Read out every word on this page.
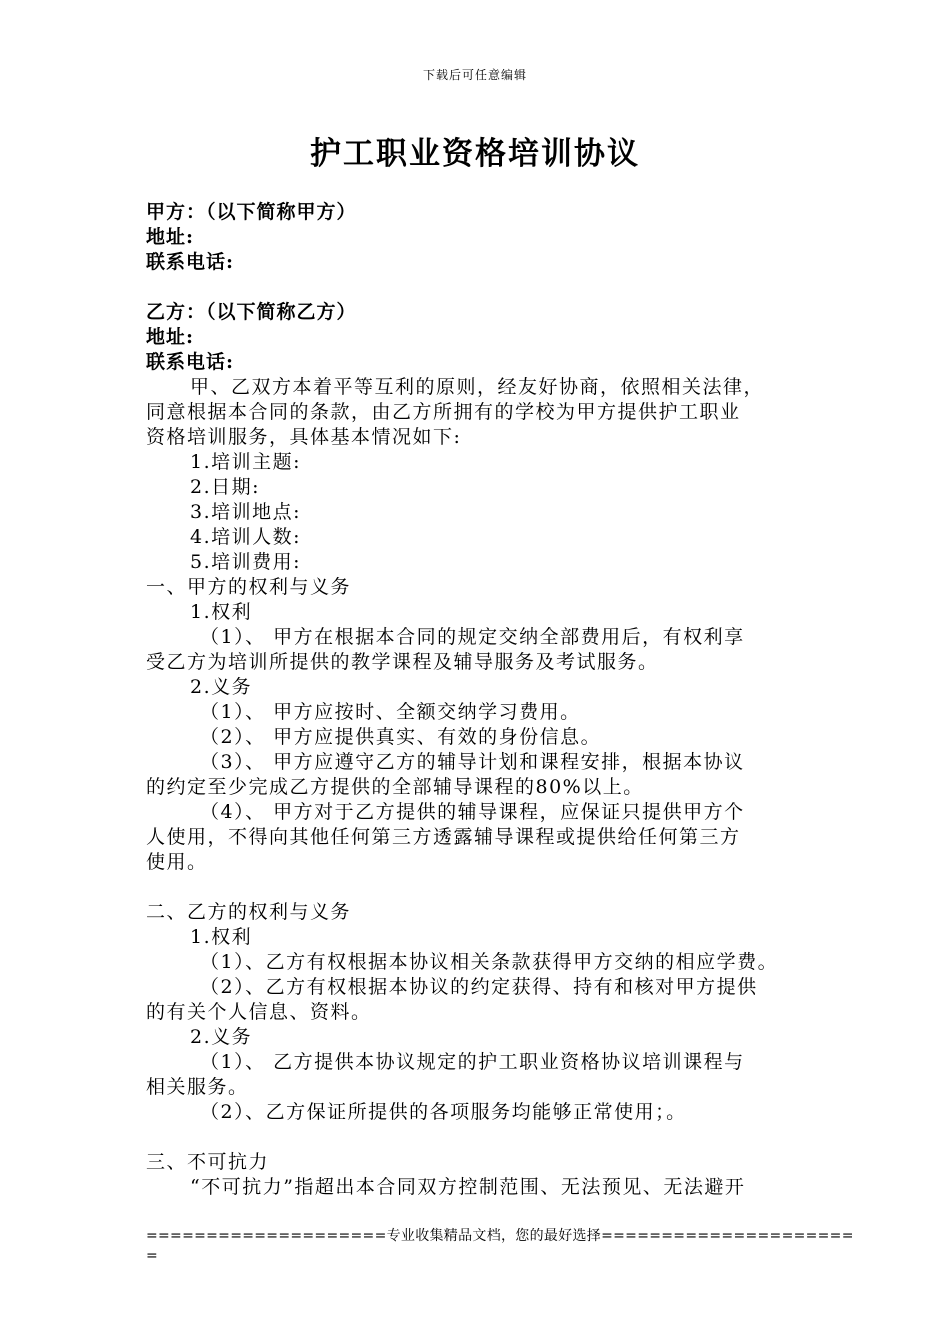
下载后可任意编辑
护工职业资格培训协议
甲方：（以下简称甲方）
地址:
联系电话:
乙方：（以下简称乙方）
地址:
联系电话:
甲、乙双方本着平等互利的原则，经友好协商，依照相关法律，
同意根据本合同的条款，由乙方所拥有的学校为甲方提供护工职业
资格培训服务，具体基本情况如下:
1.培训主题:
2.日期:
3.培训地点:
4.培训人数:
5.培训费用:
一、甲方的权利与义务
1.权利
（1）、 甲方在根据本合同的规定交纳全部费用后，有权利享
受乙方为培训所提供的教学课程及辅导服务及考试服务。
2.义务
（1）、 甲方应按时、全额交纳学习费用。
（2）、 甲方应提供真实、有效的身份信息。
（3）、 甲方应遵守乙方的辅导计划和课程安排，根据本协议
的约定至少完成乙方提供的全部辅导课程的80%以上。
（4）、 甲方对于乙方提供的辅导课程，应保证只提供甲方个
人使用，不得向其他任何第三方透露辅导课程或提供给任何第三方
使用。
二、乙方的权利与义务
1.权利
（1）、乙方有权根据本协议相关条款获得甲方交纳的相应学费。
（2）、乙方有权根据本协议的约定获得、持有和核对甲方提供
的有关个人信息、资料。
2.义务
（1）、 乙方提供本协议规定的护工职业资格协议培训课程与
相关服务。
（2）、乙方保证所提供的各项服务均能够正常使用；。
三、不可抗力
“不可抗力”指超出本合同双方控制范围、无法预见、无法避开
====================专业收集精品文档，您的最好选择=====================
=
